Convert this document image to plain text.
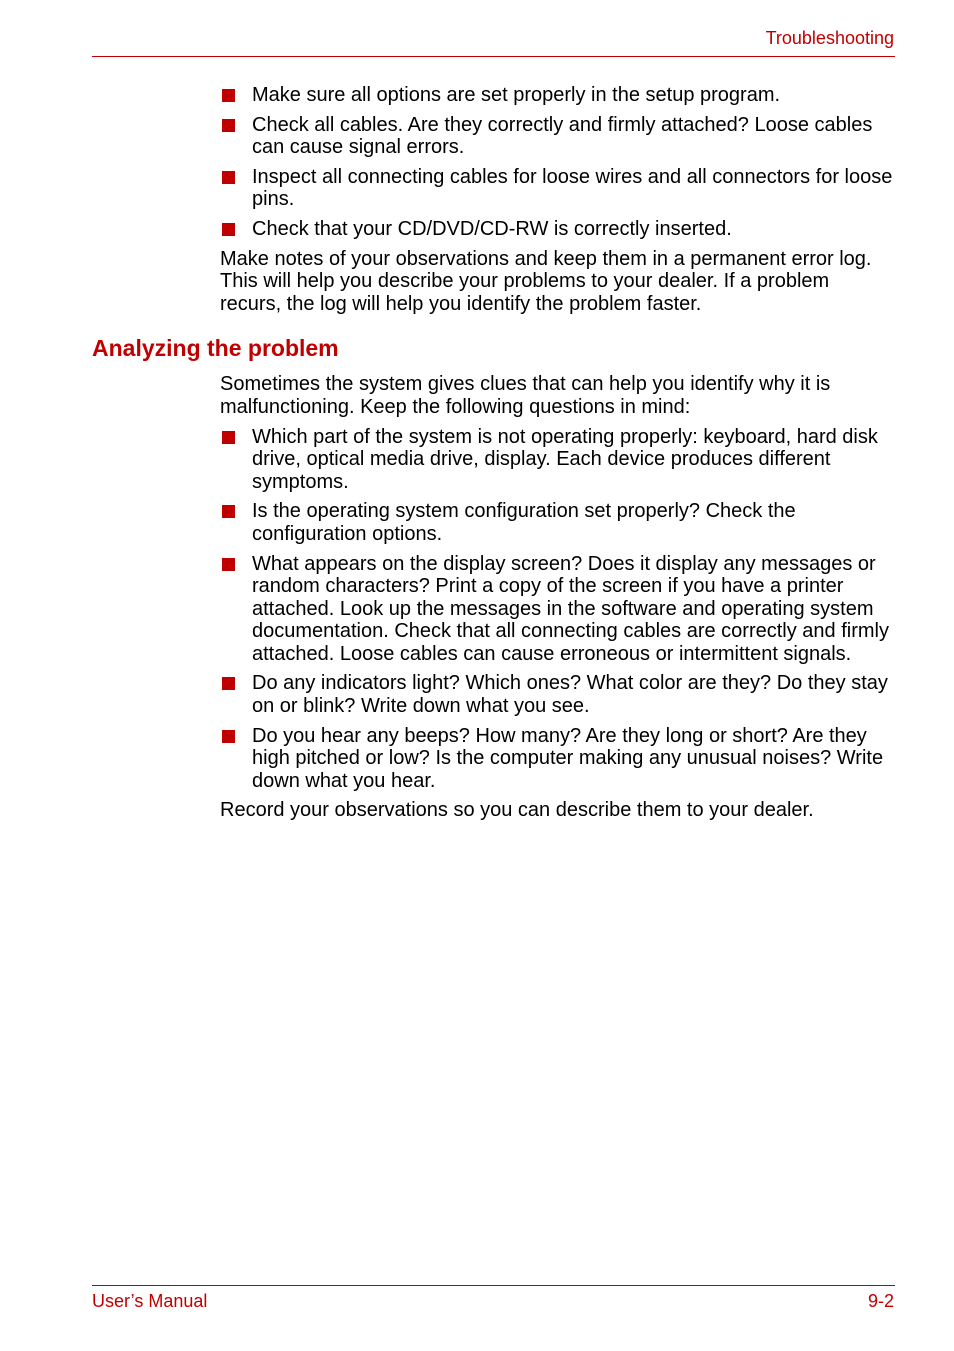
Troubleshooting
Make sure all options are set properly in the setup program.
Check all cables. Are they correctly and firmly attached? Loose cables can cause signal errors.
Inspect all connecting cables for loose wires and all connectors for loose pins.
Check that your CD/DVD/CD-RW is correctly inserted.

Make notes of your observations and keep them in a permanent error log. This will help you describe your problems to your dealer. If a problem recurs, the log will help you identify the problem faster.

Analyzing the problem

Sometimes the system gives clues that can help you identify why it is malfunctioning. Keep the following questions in mind:

Which part of the system is not operating properly: keyboard, hard disk drive, optical media drive, display. Each device produces different symptoms.
Is the operating system configuration set properly? Check the configuration options.
What appears on the display screen? Does it display any messages or random characters? Print a copy of the screen if you have a printer attached. Look up the messages in the software and operating system documentation. Check that all connecting cables are correctly and firmly attached. Loose cables can cause erroneous or intermittent signals.
Do any indicators light? Which ones? What color are they? Do they stay on or blink? Write down what you see.
Do you hear any beeps? How many? Are they long or short? Are they high pitched or low? Is the computer making any unusual noises? Write down what you hear.

Record your observations so you can describe them to your dealer.

User’s Manual	9-2
